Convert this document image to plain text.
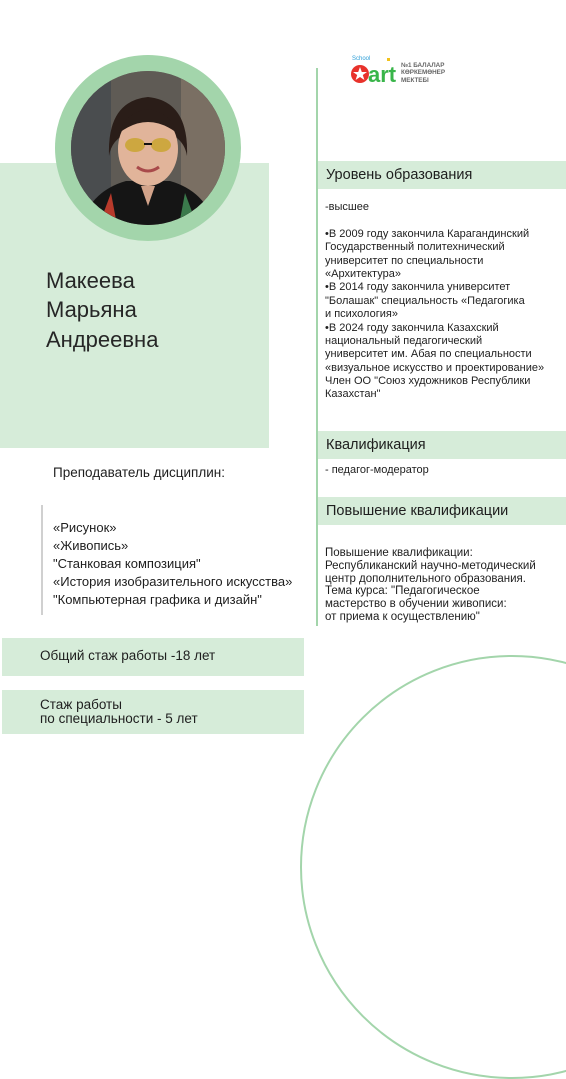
School
art №1 БАЛАЛАР
КӨРКЕМӨНЕР
МЕКТЕБІ
Макеева
Марьяна
Андреевна
Преподаватель дисциплин:
«Рисунок»
«Живопись»
"Станковая композиция"
«История изобразительного искусства»
"Компьютерная графика и дизайн"
Общий стаж работы -18 лет
Стаж работы
по специальности - 5 лет
Уровень образования
-высшее
•В 2009 году закончила Карагандинский
Государственный политехнический
университет по специальности
«Архитектура»
•В 2014 году закончила университет
"Болашак" специальность «Педагогика
и психология»
•В 2024 году закончила Казахский
национальный педагогический
университет им. Абая по специальности
«визуальное искусство и проектирование»
Член ОО "Союз художников Республики
Казахстан"
Квалификация
- педагог-модератор
Повышение квалификации
Повышение квалификации:
Республиканский научно-методический
центр дополнительного образования.
Тема курса: "Педагогическое
мастерство в обучении живописи:
от приема к осуществлению"
